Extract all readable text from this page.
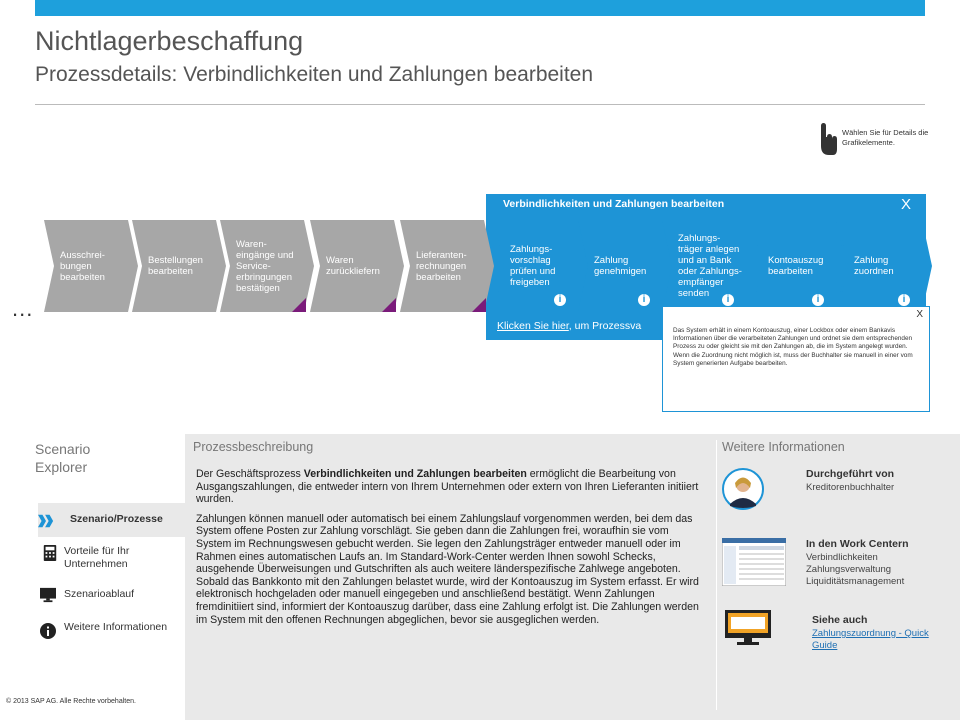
Nichtlagerbeschaffung
Prozessdetails: Verbindlichkeiten und Zahlungen bearbeiten
Wählen Sie für Details die Grafikelemente.
Verbindlichkeiten und Zahlungen bearbeiten	X
Ausschrei-bungen bearbeiten
Bestellungen bearbeiten
Waren-eingänge und Service-erbringungen bestätigen
Waren zurückliefern
Lieferanten-rechnungen bearbeiten
Zahlungs-vorschlag prüfen und freigeben
i
Zahlung genehmigen
i
Zahlungs-träger anlegen und an Bank oder Zahlungs-empfänger senden
i
Kontoauszug bearbeiten
i
Zahlung zuordnen
i
...
Klicken Sie hier, um Prozessva
X
Das System erhält in einem Kontoauszug, einer Lockbox oder einem Bankavis Informationen über die verarbeiteten Zahlungen und ordnet sie dem entsprechenden Prozess zu oder gleicht sie mit den Zahlungen ab, die im System angelegt wurden. Wenn die Zuordnung nicht möglich ist, muss der Buchhalter sie manuell in einer vom System generierten Aufgabe bearbeiten.
Scenario Explorer
Szenario/Prozesse
Vorteile für Ihr Unternehmen
Szenarioablauf
Weitere Informationen
© 2013 SAP AG. Alle Rechte vorbehalten.
Prozessbeschreibung

Der Geschäftsprozess Verbindlichkeiten und Zahlungen bearbeiten ermöglicht die Bearbeitung von Ausgangszahlungen, die entweder intern von Ihrem Unternehmen oder extern von Ihren Lieferanten initiiert wurden.

Zahlungen können manuell oder automatisch bei einem Zahlungslauf vorgenommen werden, bei dem das System offene Posten zur Zahlung vorschlägt. Sie geben dann die Zahlungen frei, woraufhin sie vom System im Rechnungswesen gebucht werden. Sie legen den Zahlungsträger entweder manuell oder im Rahmen eines automatischen Laufs an. Im Standard-Work-Center werden Ihnen sowohl Schecks, ausgehende Überweisungen und Gutschriften als auch weitere länderspezifische Zahlwege angeboten. Sobald das Bankkonto mit den Zahlungen belastet wurde, wird der Kontoauszug im System erfasst. Er wird elektronisch hochgeladen oder manuell eingegeben und anschließend bestätigt. Wenn Zahlungen fremdinitiiert sind, informiert der Kontoauszug darüber, dass eine Zahlung erfolgt ist. Die Zahlungen werden im System mit den offenen Rechnungen abgeglichen, bevor sie ausgeglichen werden.

Weitere Informationen
Durchgeführt von
Kreditorenbuchhalter
In den Work Centern
Verbindlichkeiten
Zahlungsverwaltung
Liquiditätsmanagement
Siehe auch
Zahlungszuordnung - Quick Guide
